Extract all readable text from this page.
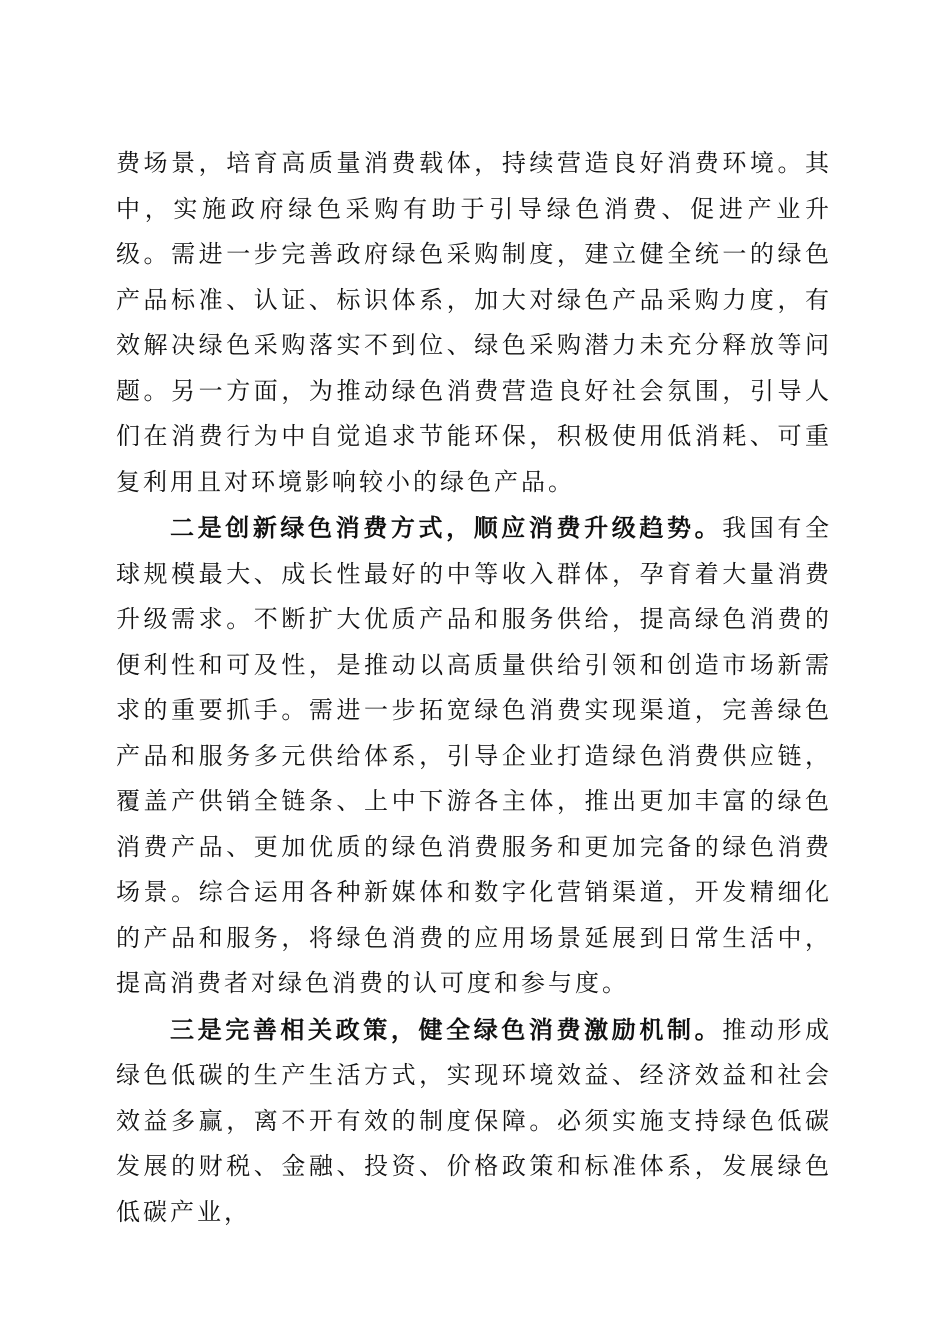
费场景，培育高质量消费载体，持续营造良好消费环境。其中，实施政府绿色采购有助于引导绿色消费、促进产业升级。需进一步完善政府绿色采购制度，建立健全统一的绿色产品标准、认证、标识体系，加大对绿色产品采购力度，有效解决绿色采购落实不到位、绿色采购潜力未充分释放等问题。另一方面，为推动绿色消费营造良好社会氛围，引导人们在消费行为中自觉追求节能环保，积极使用低消耗、可重复利用且对环境影响较小的绿色产品。

二是创新绿色消费方式，顺应消费升级趋势。我国有全球规模最大、成长性最好的中等收入群体，孕育着大量消费升级需求。不断扩大优质产品和服务供给，提高绿色消费的便利性和可及性，是推动以高质量供给引领和创造市场新需求的重要抓手。需进一步拓宽绿色消费实现渠道，完善绿色产品和服务多元供给体系，引导企业打造绿色消费供应链，覆盖产供销全链条、上中下游各主体，推出更加丰富的绿色消费产品、更加优质的绿色消费服务和更加完备的绿色消费场景。综合运用各种新媒体和数字化营销渠道，开发精细化的产品和服务，将绿色消费的应用场景延展到日常生活中，提高消费者对绿色消费的认可度和参与度。

三是完善相关政策，健全绿色消费激励机制。推动形成绿色低碳的生产生活方式，实现环境效益、经济效益和社会效益多赢，离不开有效的制度保障。必须实施支持绿色低碳发展的财税、金融、投资、价格政策和标准体系，发展绿色低碳产业，
